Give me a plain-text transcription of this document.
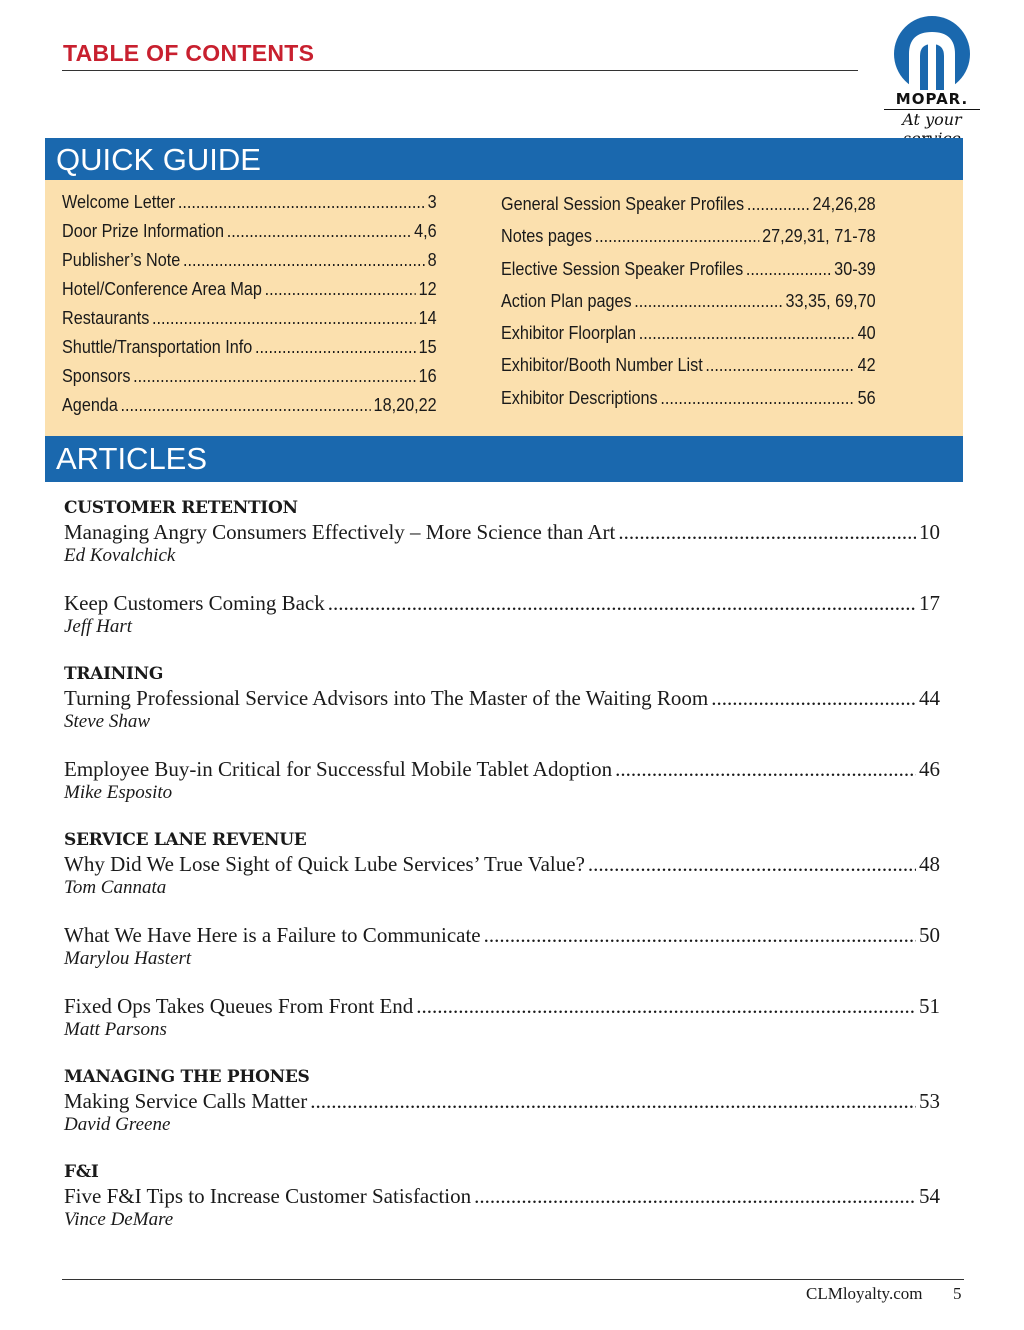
TABLE OF CONTENTS
MOPAR.
At your
QUICK GUIDE
Welcome Letter .....	3
Door Prize Information .....	4,6
Publisher’s Note .....	8
Hotel/Conference Area Map .....	12
Restaurants .....	14
Shuttle/Transportation Info .....	15
Sponsors .....	16
Agenda .....	18,20,22
General Session Speaker Profiles .....	24,26,28
Notes pages .....	27,29,31, 71-78
Elective Session Speaker Profiles .....	30-39
Action Plan pages .....	33,35, 69,70
Exhibitor Floorplan .....	40
Exhibitor/Booth Number List .....	42
Exhibitor Descriptions .....	56
ARTICLES
CUSTOMER RETENTION
Managing Angry Consumers Effectively – More Science than Art .....	10
Ed Kovalchick
Keep Customers Coming Back .....	17
Jeff Hart
TRAINING
Turning Professional Service Advisors into The Master of the Waiting Room .....	44
Steve Shaw
Employee Buy-in Critical for Successful Mobile Tablet Adoption .....	46
Mike Esposito
SERVICE LANE REVENUE
Why Did We Lose Sight of Quick Lube Services’ True Value? .....	48
Tom Cannata
What We Have Here is a Failure to Communicate .....	50
Marylou Hastert
Fixed Ops Takes Queues From Front End .....	51
Matt Parsons
MANAGING THE PHONES
Making Service Calls Matter .....	53
David Greene
F&I
Five F&I Tips to Increase Customer Satisfaction .....	54
Vince DeMare
CLMloyalty.com 5
